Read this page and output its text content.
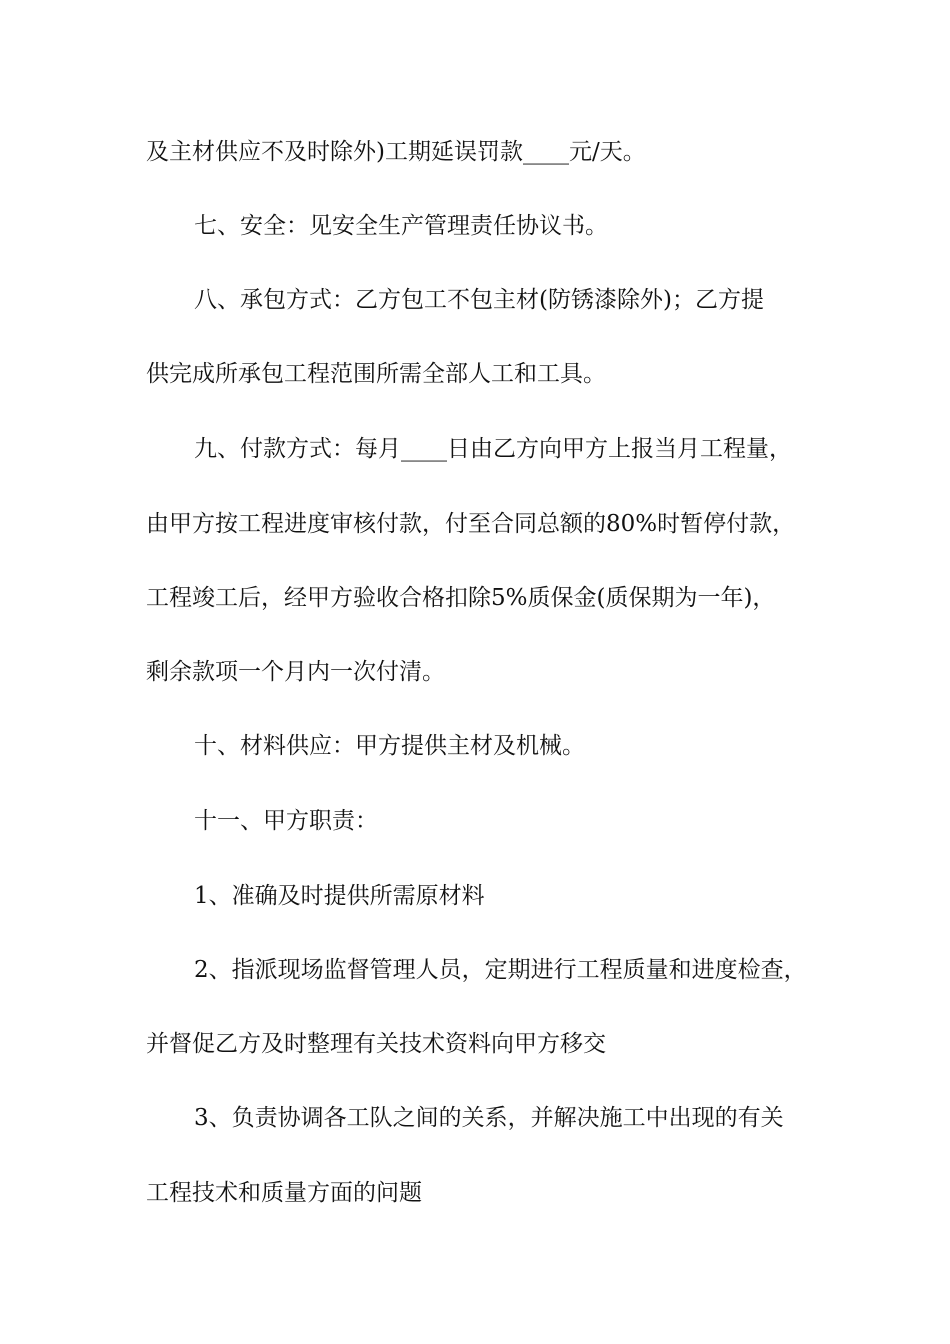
及主材供应不及时除外)工期延误罚款____元/天。

七、安全：见安全生产管理责任协议书。

八、承包方式：乙方包工不包主材(防锈漆除外)；乙方提

供完成所承包工程范围所需全部人工和工具。

九、付款方式：每月____日由乙方向甲方上报当月工程量，

由甲方按工程进度审核付款，付至合同总额的80%时暂停付款，

工程竣工后，经甲方验收合格扣除5%质保金(质保期为一年)，

剩余款项一个月内一次付清。

十、材料供应：甲方提供主材及机械。

十一、甲方职责：

1、准确及时提供所需原材料

2、指派现场监督管理人员，定期进行工程质量和进度检查，

并督促乙方及时整理有关技术资料向甲方移交

3、负责协调各工队之间的关系，并解决施工中出现的有关

工程技术和质量方面的问题
